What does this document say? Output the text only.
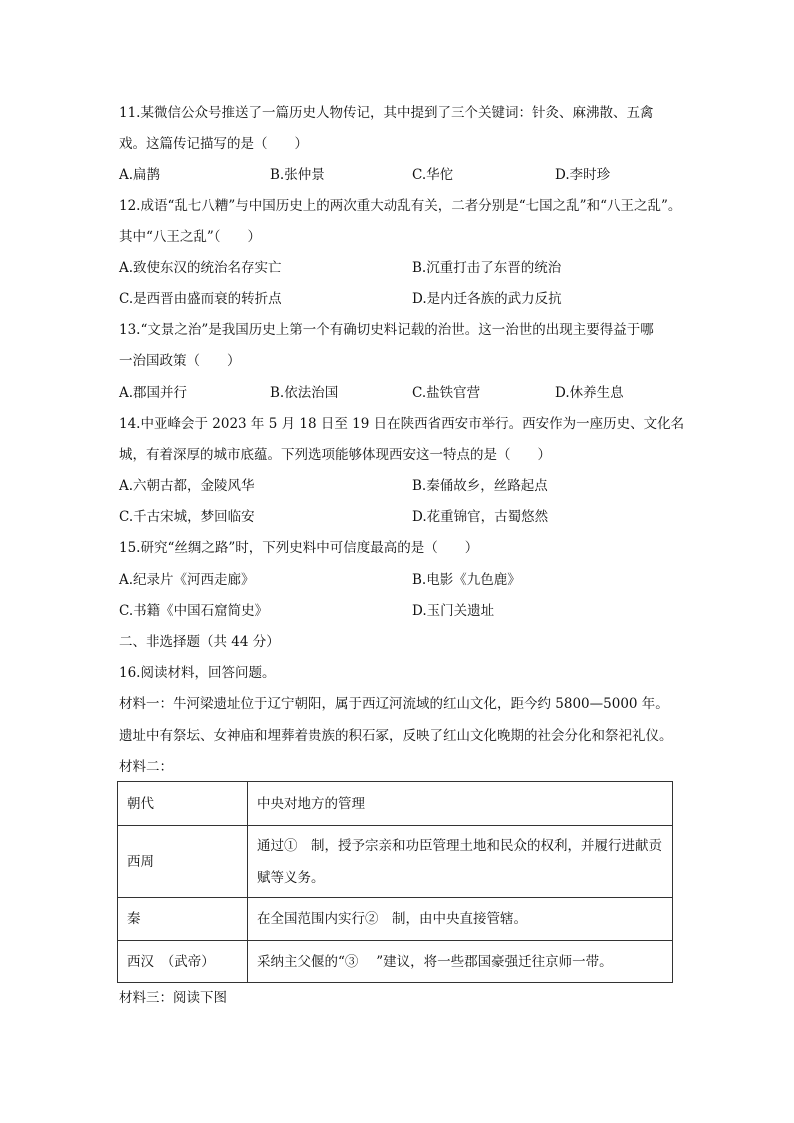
11.某微信公众号推送了一篇历史人物传记，其中提到了三个关键词：针灸、麻沸散、五禽
戏。这篇传记描写的是（　　）
A.扁鹊	B.张仲景	C.华佗	D.李时珍
12.成语“乱七八糟”与中国历史上的两次重大动乱有关，二者分别是“七国之乱”和“八王之乱”。
其中“八王之乱”（　　）
A.致使东汉的统治名存实亡	B.沉重打击了东晋的统治
C.是西晋由盛而衰的转折点	D.是内迁各族的武力反抗
13.“文景之治”是我国历史上第一个有确切史料记载的治世。这一治世的出现主要得益于哪
一治国政策（　　）
A.郡国并行	B.依法治国	C.盐铁官营	D.休养生息
14.中亚峰会于 2023 年 5 月 18 日至 19 日在陕西省西安市举行。西安作为一座历史、文化名
城，有着深厚的城市底蕴。下列选项能够体现西安这一特点的是（　　）
A.六朝古都，金陵风华	B.秦俑故乡，丝路起点
C.千古宋城，梦回临安	D.花重锦官，古蜀悠然
15.研究“丝绸之路”时，下列史料中可信度最高的是（　　）
A.纪录片《河西走廊》	B.电影《九色鹿》
C.书籍《中国石窟简史》	D.玉门关遗址
二、非选择题（共 44 分）
16.阅读材料，回答问题。
材料一：牛河梁遗址位于辽宁朝阳，属于西辽河流域的红山文化，距今约 5800—5000 年。
遗址中有祭坛、女神庙和埋葬着贵族的积石冢，反映了红山文化晚期的社会分化和祭祀礼仪。
材料二：
朝代	中央对地方的管理
西周	通过①　制，授予宗亲和功臣管理土地和民众的权利，并履行进献贡赋等义务。
秦	在全国范围内实行②　制，由中央直接管辖。
西汉　（武帝）	采纳主父偃的“③　 ”建议，将一些郡国豪强迁往京师一带。
材料三：阅读下图
